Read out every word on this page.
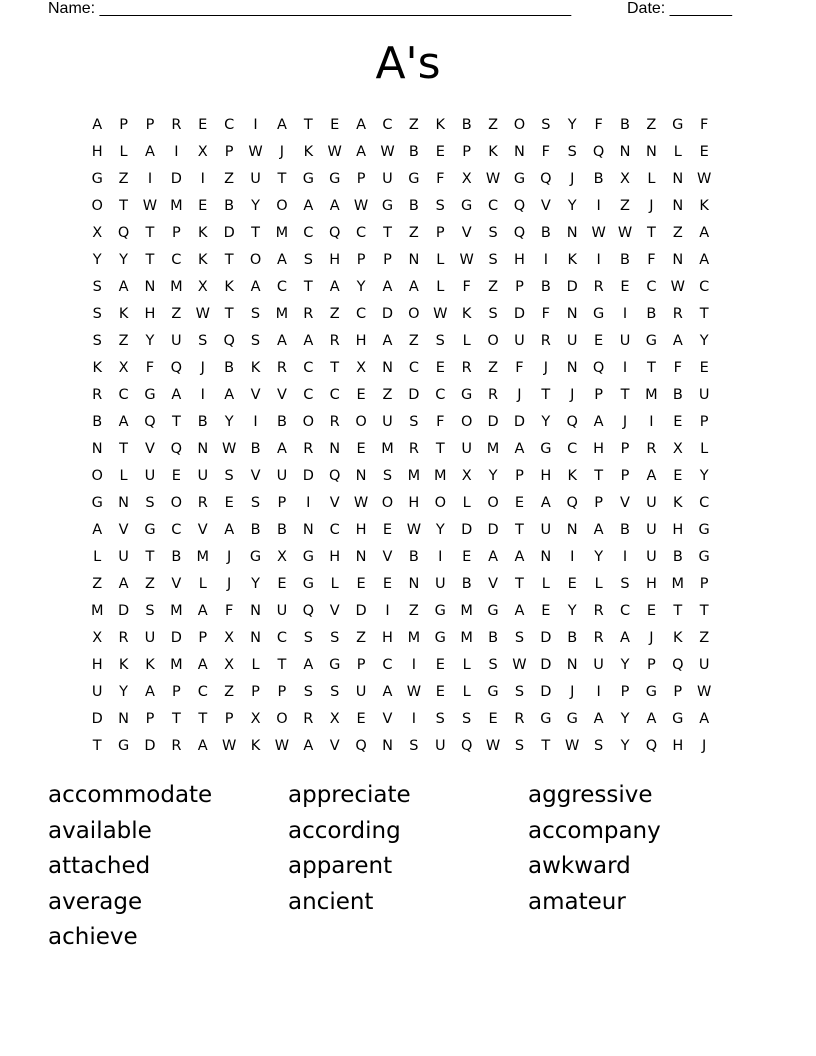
Name: _____________________________________________________	Date: _______
A's
A	P	P	R	E	C	I	A	T	E	A	C	Z	K	B	Z	O	S	Y	F	B	Z	G	F
H	L	A	I	X	P	W	J	K W A W B	E	P	K	N	F	S	Q	N	N	L	E
G	Z	I	D	I	Z	U	T	G	G	P	U	G	F	X W G	Q	J	B	X	L	N W
O	T	W M	E	B	Y	O	A	A W G	B	S	G	C	Q	V	Y	I	Z	J	N	K
X	Q	T	P	K	D	T	M	C	Q	C	T	Z	P	V	S	Q	B	N W W	T	Z	A
Y	Y	T	C	K	T	O	A	S	H	P	P	N	L	W	S	H	I	K	I	B	F	N	A
S	A	N	M	X	K	A	C	T	A	Y	A	A	L	F	Z	P	B	D	R	E	C W C
S	K	H	Z W	T	S	M	R	Z	C	D	O W K	S	D	F	N	G	I	B	R	T
S	Z	Y	U	S	Q	S	A	A	R	H	A	Z	S	L	O	U	R	U	E	U	G	A	Y
K	X	F	Q	J	B	K	R	C	T	X	N	C	E	R	Z	F	J	N	Q	I	T	F	E
R	C	G	A	I	A	V	V	C	C	E	Z	D	C	G	R	J	T	J	P	T	M	B	U
B	A	Q	T	B	Y	I	B	O	R	O	U	S	F	O	D	D	Y	Q	A	J	I	E	P
N	T	V	Q	N W B	A	R	N	E	M	R	T	U	M	A	G	C	H	P	R	X	L
O	L	U	E	U	S	V	U	D	Q	N	S	M M	X	Y	P	H	K	T	P	A	E	Y
G	N	S	O	R	E	S	P	I	V W O	H	O	L	O	E	A	Q	P	V	U	K	C
A	V	G	C	V	A	B	B	N	C	H	E	W	Y	D	D	T	U	N	A	B	U	H	G
L	U	T	B	M	J	G	X	G	H	N	V	B	I	E	A	A	N	I	Y	I	U	B	G
Z	A	Z	V	L	J	Y	E	G	L	E	E	N	U	B	V	T	L	E	L	S	H	M	P
M	D	S	M	A	F	N	U	Q	V	D	I	Z	G	M	G	A	E	Y	R	C	E	T	T
X	R	U	D	P	X	N	C	S	S	Z	H	M	G	M	B	S	D	B	R	A	J	K	Z
H	K	K	M	A	X	L	T	A	G	P	C	I	E	L	S	W D	N	U	Y	P	Q	U
U	Y	A	P	C	Z	P	P	S	S	U	A W	E	L	G	S	D	J	I	P	G	P	W
D	N	P	T	T	P	X	O	R	X	E	V	I	S	S	E	R	G	G	A	Y	A	G	A
T	G	D	R	A W K W A	V	Q	N	S	U	Q W	S	T	W	S	Y	Q	H	J
accommodate	appreciate	aggressive
available	according	accompany
attached	apparent	awkward
average	ancient	amateur
achieve
